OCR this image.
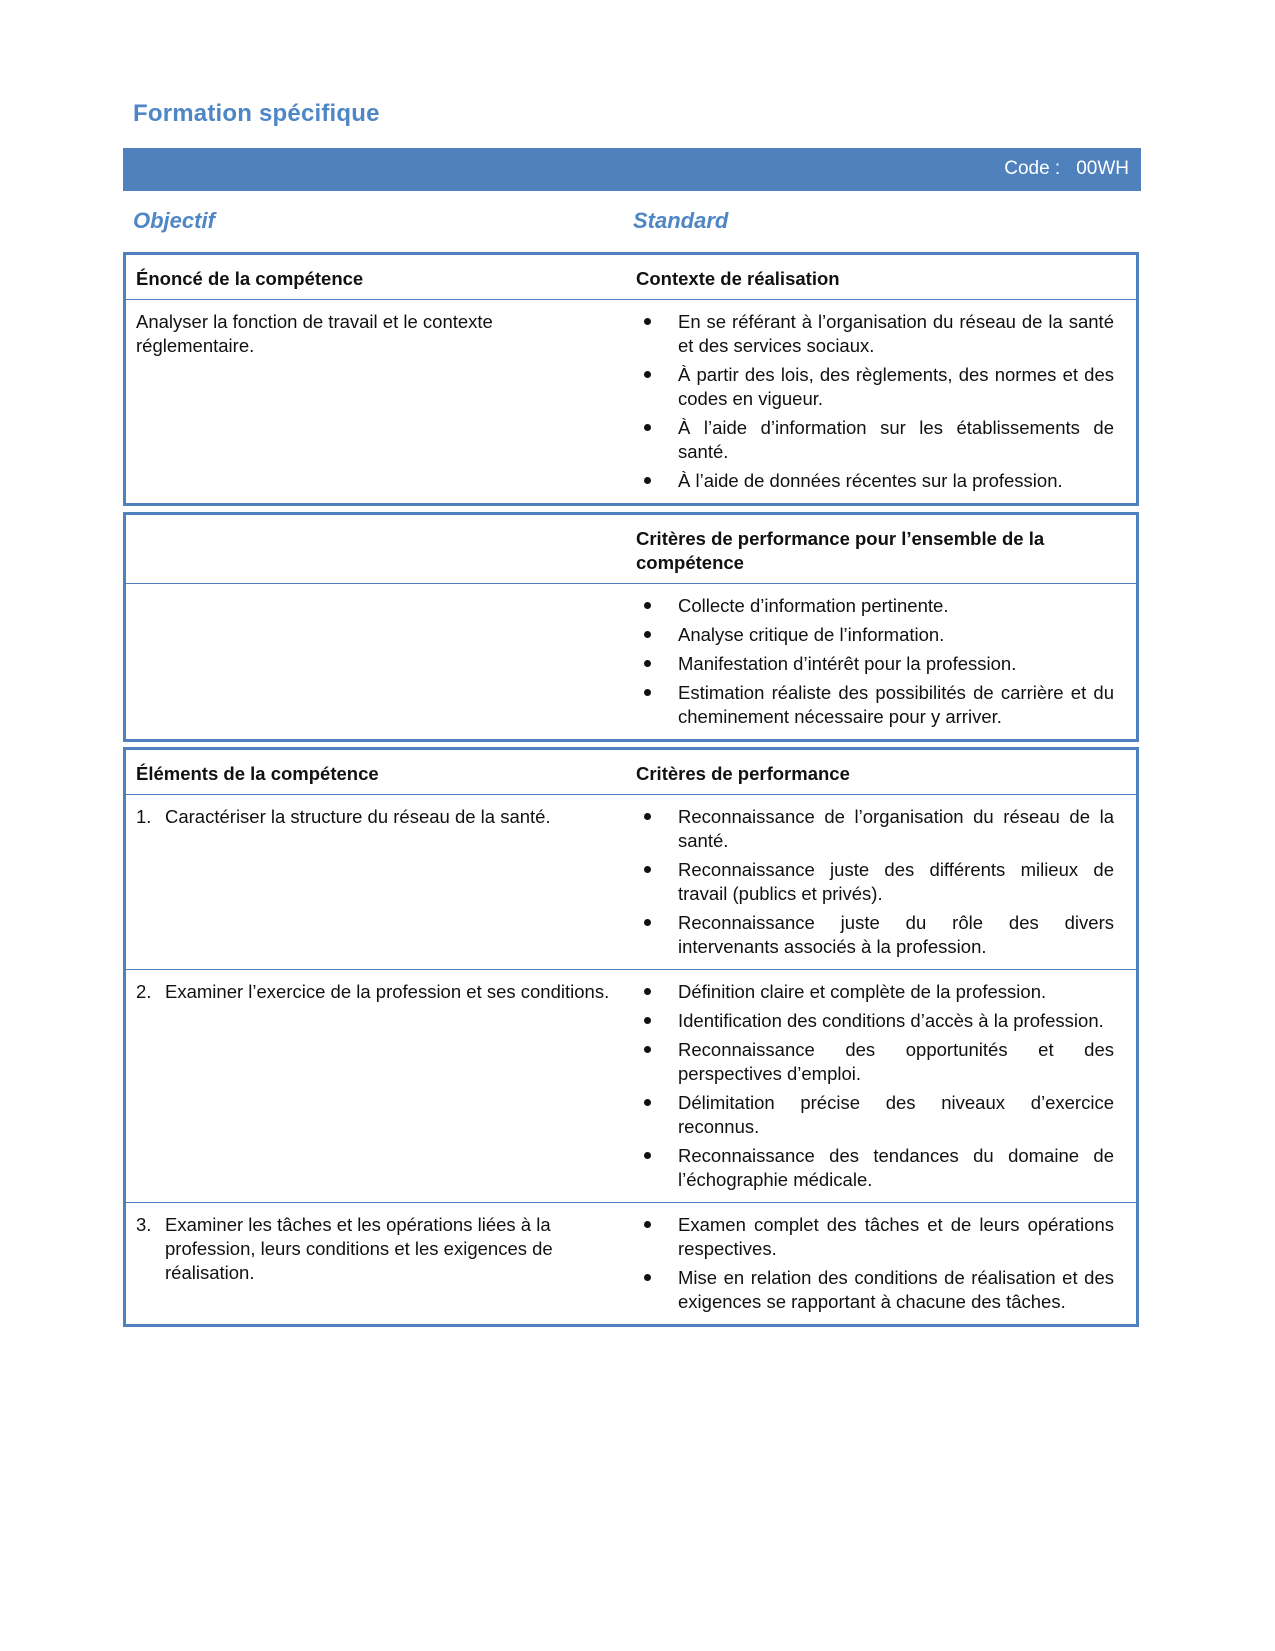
Formation spécifique
Code : 00WH
Objectif	Standard
Énoncé de la compétence	Contexte de réalisation
Analyser la fonction de travail et le contexte réglementaire.
En se référant à l’organisation du réseau de la santé et des services sociaux.
À partir des lois, des règlements, des normes et des codes en vigueur.
À l’aide d’information sur les établissements de santé.
À l’aide de données récentes sur la profession.
Critères de performance pour l’ensemble de la compétence
Collecte d’information pertinente.
Analyse critique de l’information.
Manifestation d’intérêt pour la profession.
Estimation réaliste des possibilités de carrière et du cheminement nécessaire pour y arriver.
Éléments de la compétence	Critères de performance
1. Caractériser la structure du réseau de la santé.	Reconnaissance de l’organisation du réseau de la santé.
Reconnaissance juste des différents milieux de travail (publics et privés).
Reconnaissance juste du rôle des divers intervenants associés à la profession.
2. Examiner l’exercice de la profession et ses conditions.	Définition claire et complète de la profession.
Identification des conditions d’accès à la profession.
Reconnaissance des opportunités et des perspectives d’emploi.
Délimitation précise des niveaux d’exercice reconnus.
Reconnaissance des tendances du domaine de l’échographie médicale.
3. Examiner les tâches et les opérations liées à la profession, leurs conditions et les exigences de réalisation.
Examen complet des tâches et de leurs opérations respectives.
Mise en relation des conditions de réalisation et des exigences se rapportant à chacune des tâches.
